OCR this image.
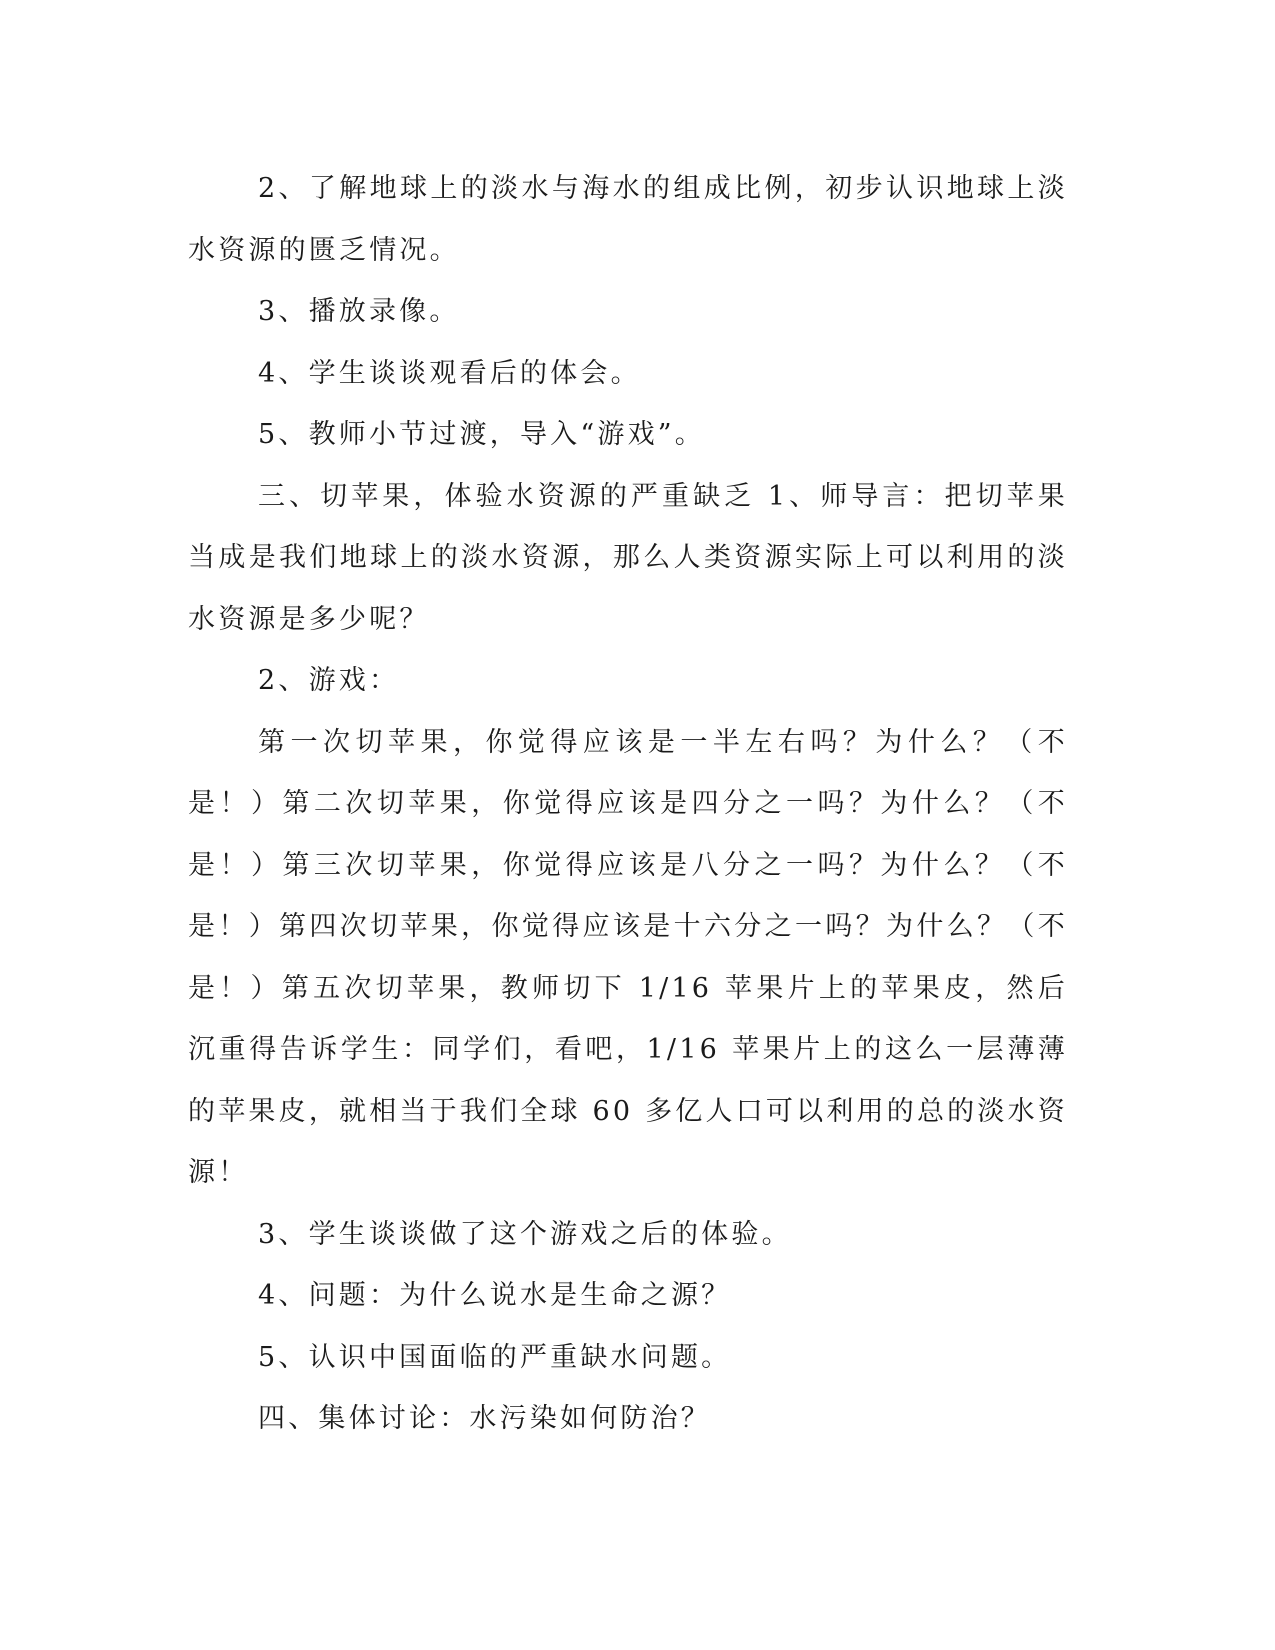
2、了解地球上的淡水与海水的组成比例，初步认识地球上淡水资源的匮乏情况。

3、播放录像。

4、学生谈谈观看后的体会。

5、教师小节过渡，导入“游戏”。

三、切苹果，体验水资源的严重缺乏 1、师导言：把切苹果当成是我们地球上的淡水资源，那么人类资源实际上可以利用的淡水资源是多少呢？

2、游戏：

第一次切苹果，你觉得应该是一半左右吗？为什么？（不是！）第二次切苹果，你觉得应该是四分之一吗？为什么？（不是！）第三次切苹果，你觉得应该是八分之一吗？为什么？（不是！）第四次切苹果，你觉得应该是十六分之一吗？为什么？（不是！）第五次切苹果，教师切下 1/16 苹果片上的苹果皮，然后沉重得告诉学生：同学们，看吧，1/16 苹果片上的这么一层薄薄的苹果皮，就相当于我们全球 60 多亿人口可以利用的总的淡水资源！

3、学生谈谈做了这个游戏之后的体验。

4、问题：为什么说水是生命之源？

5、认识中国面临的严重缺水问题。

四、集体讨论：水污染如何防治？
